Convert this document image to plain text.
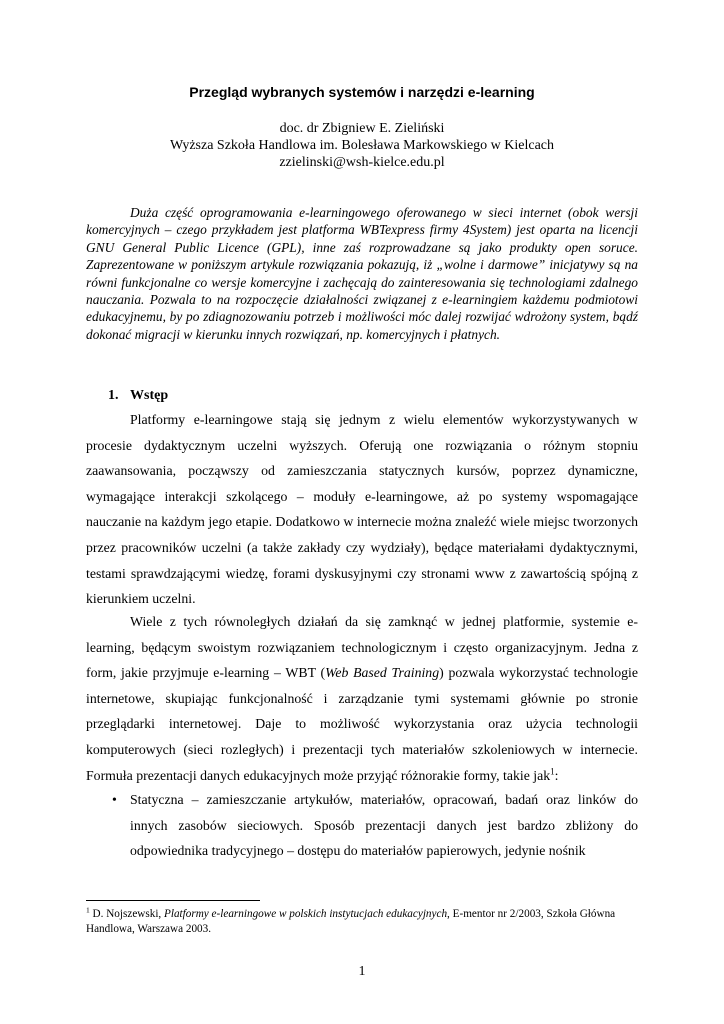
Przegląd wybranych systemów i narzędzi e-learning
doc. dr Zbigniew E. Zieliński
Wyższa Szkoła Handlowa im. Bolesława Markowskiego w Kielcach
zzielinski@wsh-kielce.edu.pl

Duża część oprogramowania e-learningowego oferowanego w sieci internet (obok wersji komercyjnych – czego przykładem jest platforma WBTexpress firmy 4System) jest oparta na licencji GNU General Public Licence (GPL), inne zaś rozprowadzane są jako produkty open soruce. Zaprezentowane w poniższym artykule rozwiązania pokazują, iż „wolne i darmowe” inicjatywy są na równi funkcjonalne co wersje komercyjne i zachęcają do zainteresowania się technologiami zdalnego nauczania. Pozwala to na rozpoczęcie działalności związanej z e-learningiem każdemu podmiotowi edukacyjnemu, by po zdiagnozowaniu potrzeb i możliwości móc dalej rozwijać wdrożony system, bądź dokonać migracji w kierunku innych rozwiązań, np. komercyjnych i płatnych.

1. Wstęp

Platformy e-learningowe stają się jednym z wielu elementów wykorzystywanych w procesie dydaktycznym uczelni wyższych. Oferują one rozwiązania o różnym stopniu zaawansowania, począwszy od zamieszczania statycznych kursów, poprzez dynamiczne, wymagające interakcji szkolącego – moduły e-learningowe, aż po systemy wspomagające nauczanie na każdym jego etapie. Dodatkowo w internecie można znaleźć wiele miejsc tworzonych przez pracowników uczelni (a także zakłady czy wydziały), będące materiałami dydaktycznymi, testami sprawdzającymi wiedzę, forami dyskusyjnymi czy stronami www z zawartością spójną z kierunkiem uczelni.

Wiele z tych równoległych działań da się zamknąć w jednej platformie, systemie e-learning, będącym swoistym rozwiązaniem technologicznym i często organizacyjnym. Jedna z form, jakie przyjmuje e-learning – WBT (Web Based Training) pozwala wykorzystać technologie internetowe, skupiając funkcjonalność i zarządzanie tymi systemami głównie po stronie przeglądarki internetowej. Daje to możliwość wykorzystania oraz użycia technologii komputerowych (sieci rozległych) i prezentacji tych materiałów szkoleniowych w internecie. Formuła prezentacji danych edukacyjnych może przyjąć różnorakie formy, takie jak$^1$:

• Statyczna – zamieszczanie artykułów, materiałów, opracowań, badań oraz linków do innych zasobów sieciowych. Sposób prezentacji danych jest bardzo zbliżony do odpowiednika tradycyjnego – dostępu do materiałów papierowych, jedynie nośnik

$^1$ D. Nojszewski, Platformy e-learningowe w polskich instytucjach edukacyjnych, E-mentor nr 2/2003, Szkoła Główna Handlowa, Warszawa 2003.

1
